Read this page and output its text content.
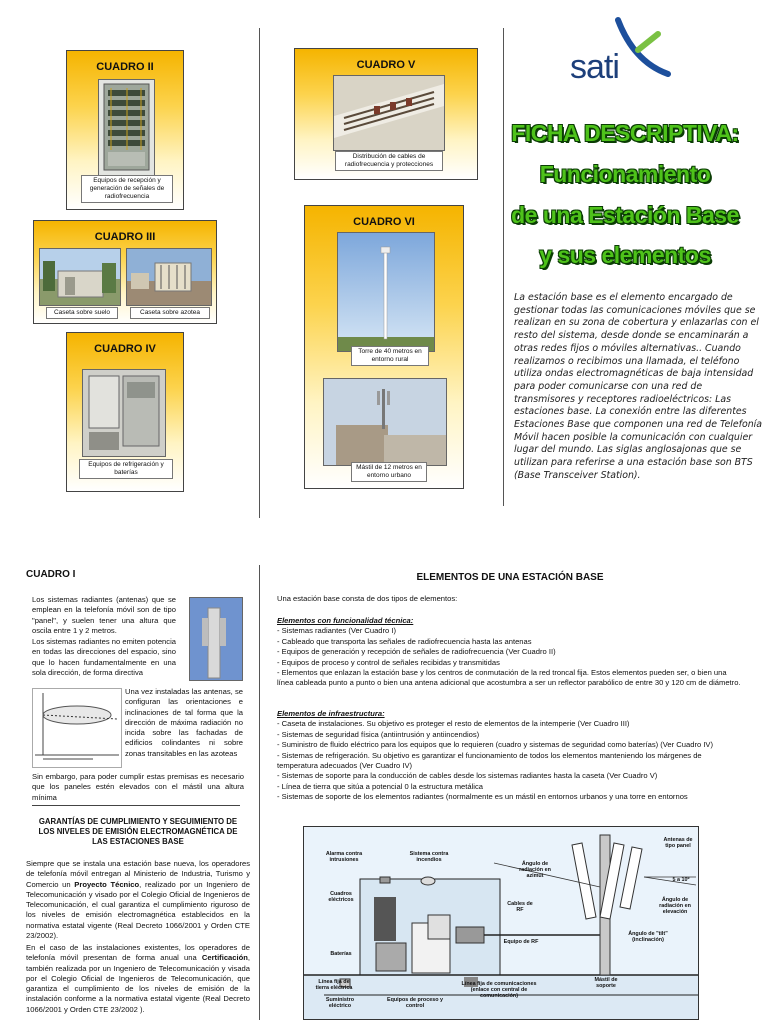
CUADRO II
Equipos de recepción y generación de señales de radiofrecuencia
CUADRO III
Caseta sobre suelo	Caseta sobre azotea
CUADRO IV
Equipos de refrigeración y baterías
CUADRO V
Distribución de cables de radiofrecuencia y protecciones
CUADRO VI
Torre de 40 metros en entorno rural
Mástil de 12 metros en entorno urbano
sati
FICHA DESCRIPTIVA:
Funcionamiento
de una Estación Base
y sus elementos
La estación base es el elemento encargado de gestionar todas las comunicaciones móviles que se realizan en su zona de cobertura y enlazarlas con el resto del sistema, desde donde se encaminarán a otras redes fijos o móviles alternativas.. Cuando realizamos o recibimos una llamada, el teléfono utiliza ondas electromagnéticas de baja intensidad para poder comunicarse con una red de transmisores y receptores radioeléctricos: Las estaciones base. La conexión entre las diferentes Estaciones Base que componen una red de Telefonía Móvil hacen posible la comunicación con cualquier lugar del mundo. Las siglas anglosajonas que se utilizan para referirse a una estación base son BTS (Base Transceiver Station).
CUADRO I
Los sistemas radiantes (antenas) que se emplean en la telefonía móvil son de tipo "panel", y suelen tener una altura que oscila entre 1 y 2 metros.
Los sistemas radiantes no emiten potencia en todas las direcciones del espacio, sino que lo hacen fundamentalmente en una sola dirección, de forma directiva
Una vez instaladas las antenas, se configuran las orientaciones e inclinaciones de tal forma que la dirección de máxima radiación no incida sobre las fachadas de edificios colindantes ni sobre zonas transitables en las azoteas
Sin embargo, para poder cumplir estas premisas es necesario que los paneles estén elevados con el mástil una altura mínima
GARANTÍAS DE CUMPLIMIENTO Y SEGUIMIENTO DE LOS NIVELES DE EMISIÓN ELECTROMAGNÉTICA DE LAS ESTACIONES BASE
Siempre que se instala una estación base nueva, los operadores de telefonía móvil entregan al Ministerio de Industria, Turismo y Comercio un Proyecto Técnico, realizado por un Ingeniero de Telecomunicación y visado por el Colegio Oficial de Ingenieros de Telecomunicación, el cual garantiza el cumplimiento riguroso de los niveles de emisión electromagnética establecidos en la normativa estatal vigente (Real Decreto 1066/2001 y Orden CTE 23/2002).
En el caso de las instalaciones existentes, los operadores de telefonía móvil presentan de forma anual una Certificación, también realizada por un Ingeniero de Telecomunicación y visada por el Colegio Oficial de Ingenieros de Telecomunicación, que garantiza el cumplimiento de los niveles de emisión de la instalación conforme a la normativa estatal vigente (Real Decreto 1066/2001 y Orden CTE 23/2002 ).
ELEMENTOS DE UNA ESTACIÓN BASE
Una estación base consta de dos tipos de elementos:
Elementos con funcionalidad técnica:
- Sistemas radiantes (Ver Cuadro I)
- Cableado que transporta las señales de radiofrecuencia hasta las antenas
- Equipos de generación y recepción de señales de radiofrecuencia (Ver Cuadro II)
- Equipos de proceso y control de señales recibidas y transmitidas
- Elementos que enlazan la estación base y los centros de conmutación de la red troncal fija. Estos elementos pueden ser, o bien una línea cableada punto a punto o bien una antena adicional que acostumbra a ser un reflector parabólico de entre 30 y 120 cm de diámetro.
Elementos de infraestructura:
- Caseta de instalaciones. Su objetivo es proteger el resto de elementos de la intemperie (Ver Cuadro III)
- Sistemas de seguridad física (antiintrusión y antiincendios)
- Suministro de fluido eléctrico para los equipos que lo requieren (cuadro y sistemas de seguridad como baterías) (Ver Cuadro IV)
- Sistemas de refrigeración. Su objetivo es garantizar el funcionamiento de todos los elementos manteniendo los márgenes de temperatura adecuados (Ver Cuadro IV)
- Sistemas de soporte para la conducción de cables desde los sistemas radiantes hasta la caseta (Ver Cuadro V)
- Línea de tierra que sitúa a potencial 0 la estructura metálica
- Sistemas de soporte de los elementos radiantes (normalmente es un mástil en entornos urbanos y una torre en entornos
Alarma contra intrusiones
Sistema contra incendios
Ángulo de radiación en azimut
Antenas de tipo panel
5 a 10º
Cuadros eléctricos
Cables de RF
Ángulo de radiación en elevación
Equipo de RF
Ángulo de "tilt" (inclinación)
Baterías
Línea fija de tierra eléctrica
Suministro eléctrico
Equipos de proceso y control
Línea fija de comunicaciones (enlace con central de comunicación)
Mástil de soporte
